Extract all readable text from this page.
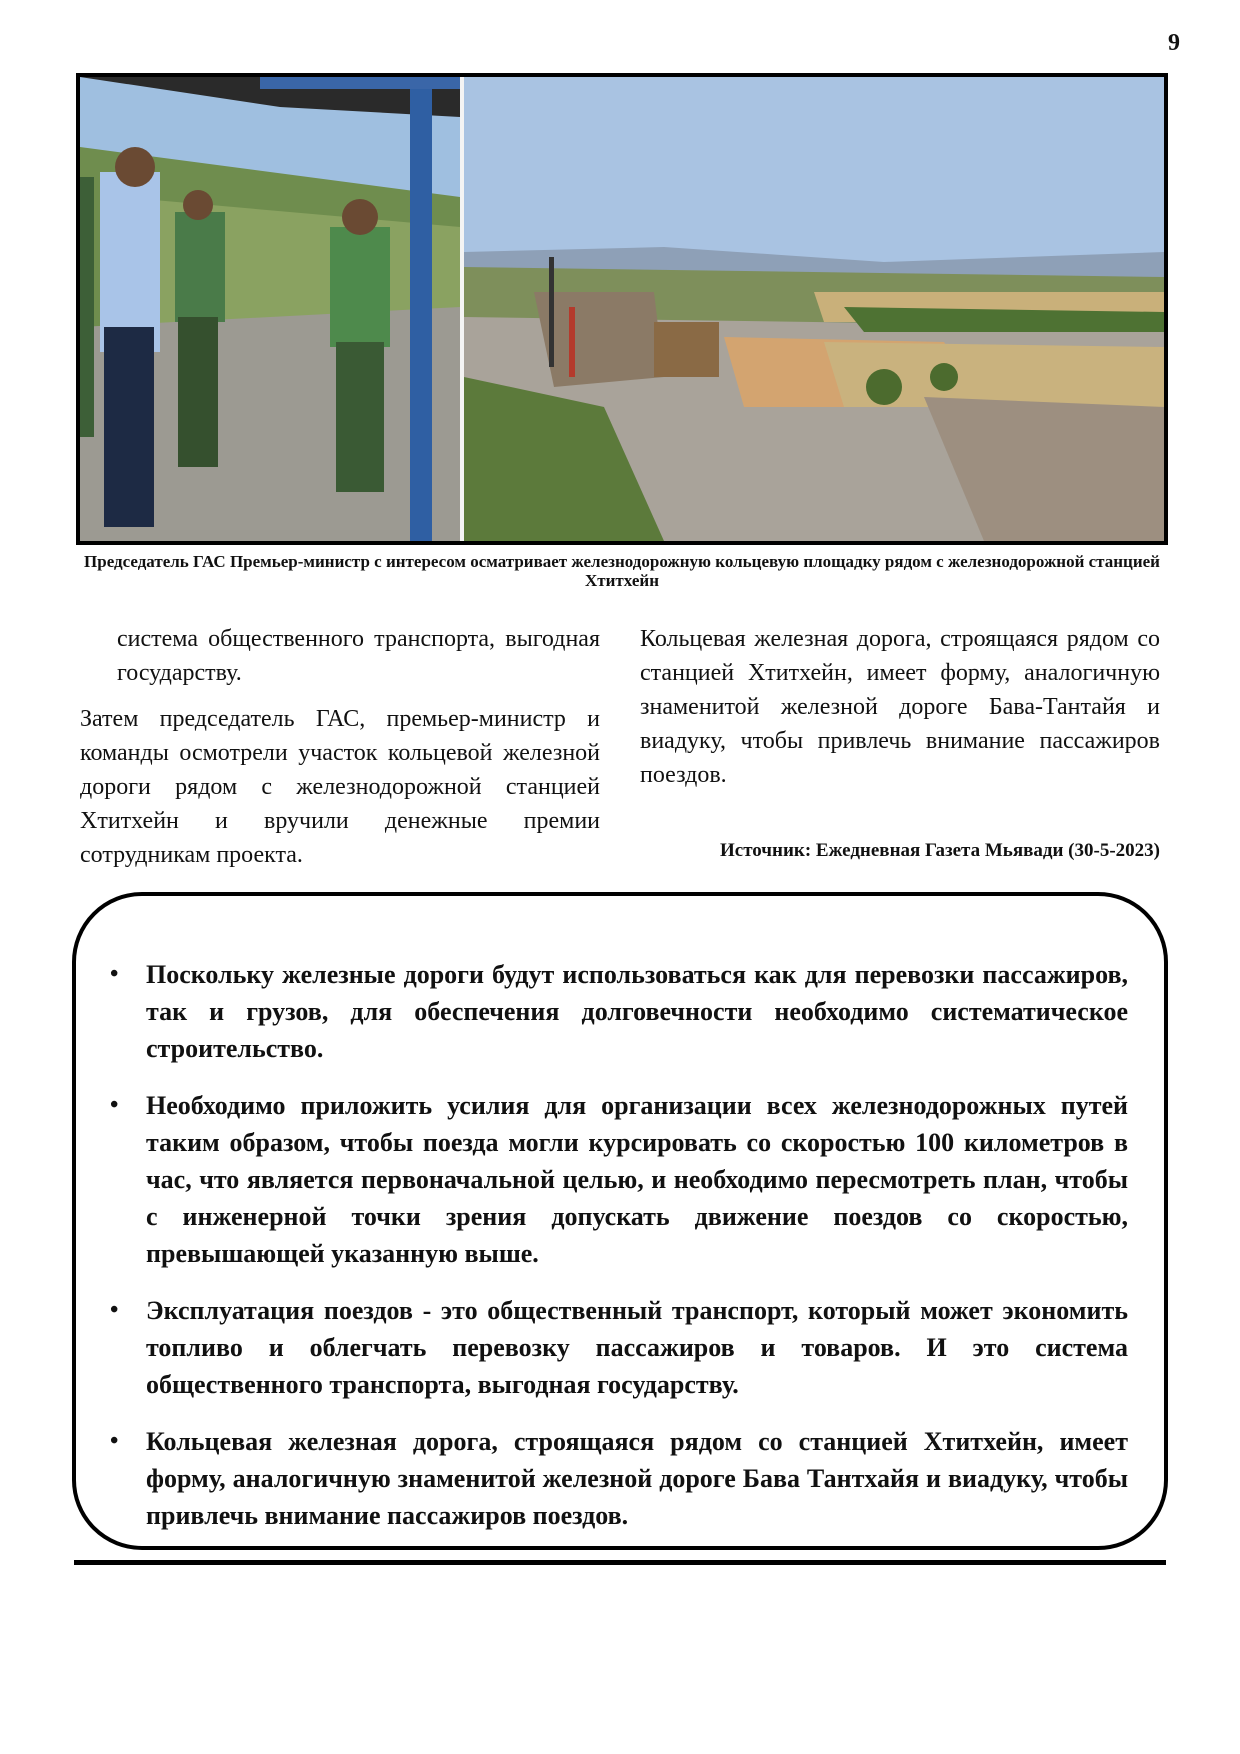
9
Председатель ГАС Премьер-министр с интересом осматривает железнодорожную кольцевую площадку рядом с железнодорожной станцией Хтитхейн

система общественного транспорта, выгодная государству.

Затем председатель ГАС, премьер-министр и команды осмотрели участок кольцевой железной дороги рядом с железнодорожной станцией Хтитхейн и вручили денежные премии сотрудникам проекта.

Кольцевая железная дорога, строящаяся рядом со станцией Хтитхейн, имеет форму, аналогичную знаменитой железной дороге Бава-Тантайя и виадуку, чтобы привлечь внимание пассажиров поездов.

Источник: Ежедневная Газета Мьявади (30-5-2023)
• Поскольку железные дороги будут использоваться как для перевозки пассажиров, так и грузов, для обеспечения долговечности необходимо систематическое строительство.
• Необходимо приложить усилия для организации всех железнодорожных путей таким образом, чтобы поезда могли курсировать со скоростью 100 километров в час, что является первоначальной целью, и необходимо пересмотреть план, чтобы с инженерной точки зрения допускать движение поездов со скоростью, превышающей указанную выше.
• Эксплуатация поездов - это общественный транспорт, который может экономить топливо и облегчать перевозку пассажиров и товаров. И это система общественного транспорта, выгодная государству.
• Кольцевая железная дорога, строящаяся рядом со станцией Хтитхейн, имеет форму, аналогичную знаменитой железной дороге Бава Тантхайя и виадуку, чтобы привлечь внимание пассажиров поездов.
